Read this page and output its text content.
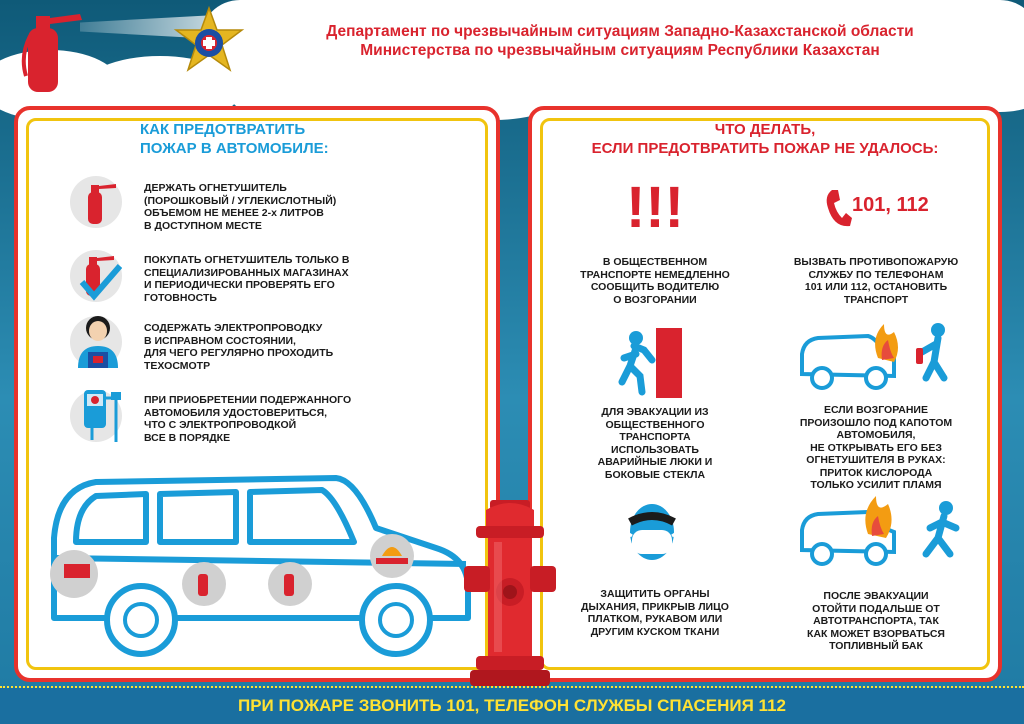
Департамент по чрезвычайным ситуациям Западно-Казахстанской области
Министерства по чрезвычайным ситуациям Республики Казахстан
КАК ПРЕДОТВРАТИТЬ
ПОЖАР В АВТОМОБИЛЕ:
ДЕРЖАТЬ ОГНЕТУШИТЕЛЬ
(ПОРОШКОВЫЙ / УГЛЕКИСЛОТНЫЙ)
ОБЪЕМОМ НЕ МЕНЕЕ 2-х ЛИТРОВ
В ДОСТУПНОМ МЕСТЕ
ПОКУПАТЬ ОГНЕТУШИТЕЛЬ ТОЛЬКО В
СПЕЦИАЛИЗИРОВАННЫХ МАГАЗИНАХ
И ПЕРИОДИЧЕСКИ ПРОВЕРЯТЬ ЕГО
ГОТОВНОСТЬ
СОДЕРЖАТЬ ЭЛЕКТРОПРОВОДКУ
В ИСПРАВНОМ СОСТОЯНИИ,
ДЛЯ ЧЕГО РЕГУЛЯРНО ПРОХОДИТЬ
ТЕХОСМОТР
ПРИ ПРИОБРЕТЕНИИ ПОДЕРЖАННОГО
АВТОМОБИЛЯ УДОСТОВЕРИТЬСЯ,
ЧТО С ЭЛЕКТРОПРОВОДКОЙ
ВСЕ В ПОРЯДКЕ
ЧТО ДЕЛАТЬ,
ЕСЛИ ПРЕДОТВРАТИТЬ ПОЖАР НЕ УДАЛОСЬ:
!!!	101, 112
В ОБЩЕСТВЕННОМ
ТРАНСПОРТЕ НЕМЕДЛЕННО
СООБЩИТЬ ВОДИТЕЛЮ
О ВОЗГОРАНИИ
ВЫЗВАТЬ ПРОТИВОПОЖАРУЮ
СЛУЖБУ ПО ТЕЛЕФОНАМ
101 ИЛИ 112, ОСТАНОВИТЬ
ТРАНСПОРТ
ДЛЯ ЭВАКУАЦИИ ИЗ
ОБЩЕСТВЕННОГО
ТРАНСПОРТА
ИСПОЛЬЗОВАТЬ
АВАРИЙНЫЕ ЛЮКИ И
БОКОВЫЕ СТЕКЛА
ЕСЛИ ВОЗГОРАНИЕ
ПРОИЗОШЛО ПОД КАПОТОМ
АВТОМОБИЛЯ,
НЕ ОТКРЫВАТЬ ЕГО БЕЗ
ОГНЕТУШИТЕЛЯ В РУКАХ:
ПРИТОК КИСЛОРОДА
ТОЛЬКО УСИЛИТ ПЛАМЯ
ЗАЩИТИТЬ ОРГАНЫ
ДЫХАНИЯ, ПРИКРЫВ ЛИЦО
ПЛАТКОМ, РУКАВОМ ИЛИ
ДРУГИМ КУСКОМ ТКАНИ
ПОСЛЕ ЭВАКУАЦИИ
ОТОЙТИ ПОДАЛЬШЕ ОТ
АВТОТРАНСПОРТА, ТАК
КАК МОЖЕТ ВЗОРВАТЬСЯ
ТОПЛИВНЫЙ БАК
ПРИ ПОЖАРЕ ЗВОНИТЬ 101, ТЕЛЕФОН СЛУЖБЫ СПАСЕНИЯ 112
